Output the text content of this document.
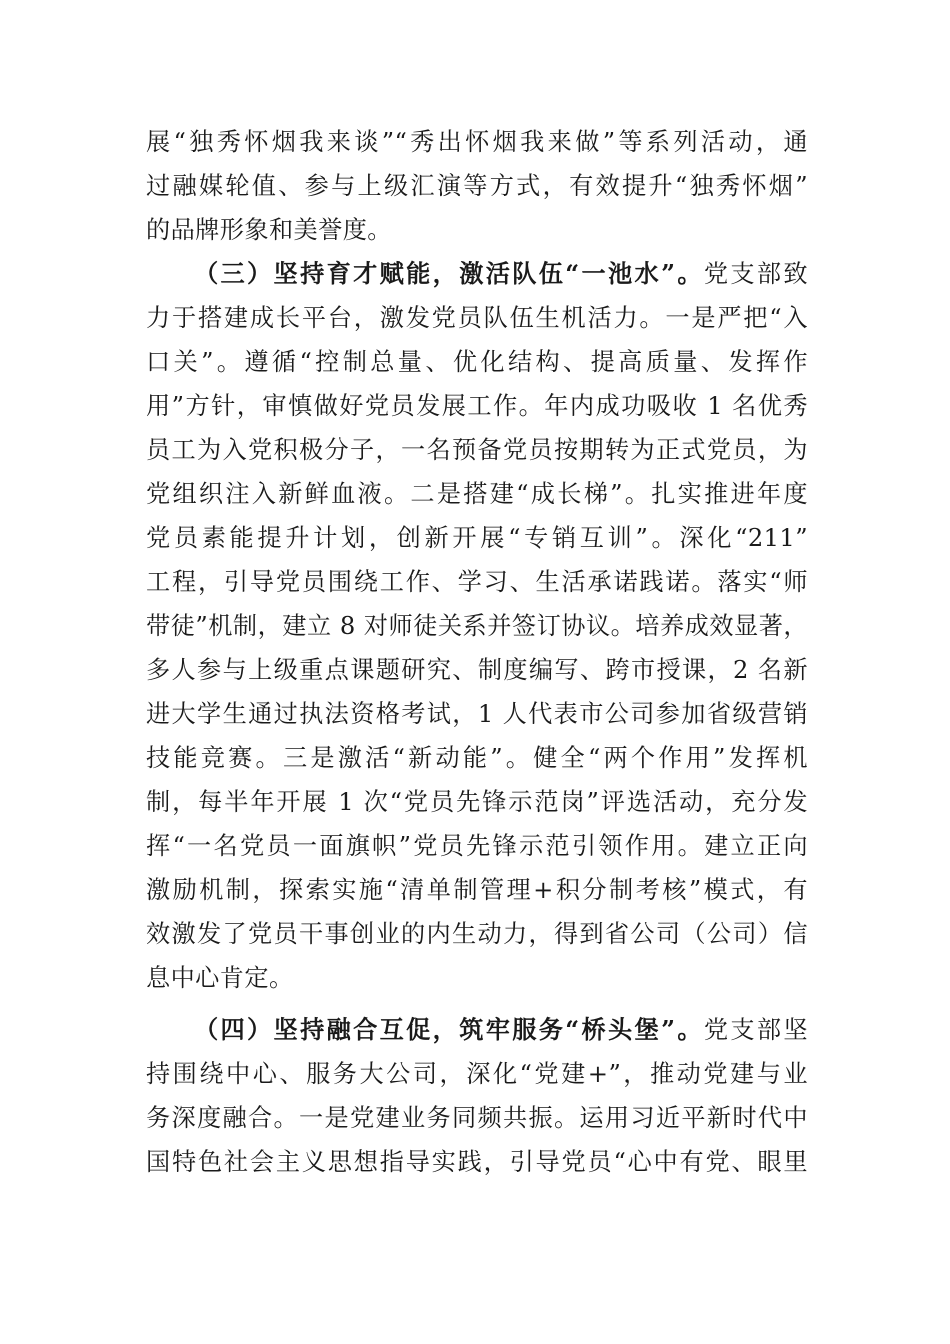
展“独秀怀烟我来谈”“秀出怀烟我来做”等系列活动，通
过融媒轮值、参与上级汇演等方式，有效提升“独秀怀烟”
的品牌形象和美誉度。
（三）坚持育才赋能，激活队伍“一池水”。党支部致
力于搭建成长平台，激发党员队伍生机活力。一是严把“入
口关”。遵循“控制总量、优化结构、提高质量、发挥作
用”方针，审慎做好党员发展工作。年内成功吸收 1 名优秀
员工为入党积极分子，一名预备党员按期转为正式党员，为
党组织注入新鲜血液。二是搭建“成长梯”。扎实推进年度
党员素能提升计划，创新开展“专销互训”。深化“211”
工程，引导党员围绕工作、学习、生活承诺践诺。落实“师
带徒”机制，建立 8 对师徒关系并签订协议。培养成效显著，
多人参与上级重点课题研究、制度编写、跨市授课，2 名新
进大学生通过执法资格考试，1 人代表市公司参加省级营销
技能竞赛。三是激活“新动能”。健全“两个作用”发挥机
制，每半年开展 1 次“党员先锋示范岗”评选活动，充分发
挥“一名党员一面旗帜”党员先锋示范引领作用。建立正向
激励机制，探索实施“清单制管理+积分制考核”模式，有
效激发了党员干事创业的内生动力，得到省公司（公司）信
息中心肯定。
（四）坚持融合互促，筑牢服务“桥头堡”。党支部坚
持围绕中心、服务大公司，深化“党建+”，推动党建与业
务深度融合。一是党建业务同频共振。运用习近平新时代中
国特色社会主义思想指导实践，引导党员“心中有党、眼里
